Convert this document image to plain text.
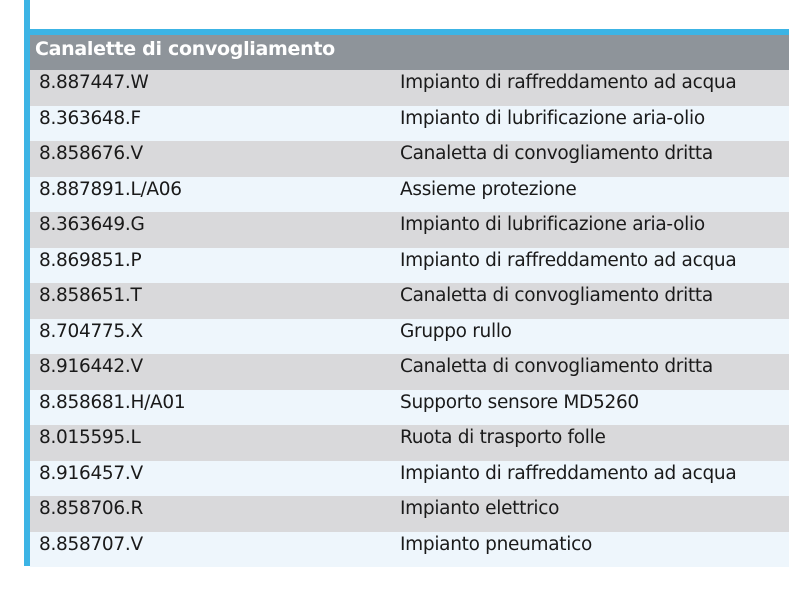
Canalette di convogliamento
8.887447.W	Impianto di raffreddamento ad acqua
8.363648.F	Impianto di lubrificazione aria-olio
8.858676.V	Canaletta di convogliamento dritta
8.887891.L/A06	Assieme protezione
8.363649.G	Impianto di lubrificazione aria-olio
8.869851.P	Impianto di raffreddamento ad acqua
8.858651.T	Canaletta di convogliamento dritta
8.704775.X	Gruppo rullo
8.916442.V	Canaletta di convogliamento dritta
8.858681.H/A01	Supporto sensore MD5260
8.015595.L	Ruota di trasporto folle
8.916457.V	Impianto di raffreddamento ad acqua
8.858706.R	Impianto elettrico
8.858707.V	Impianto pneumatico
